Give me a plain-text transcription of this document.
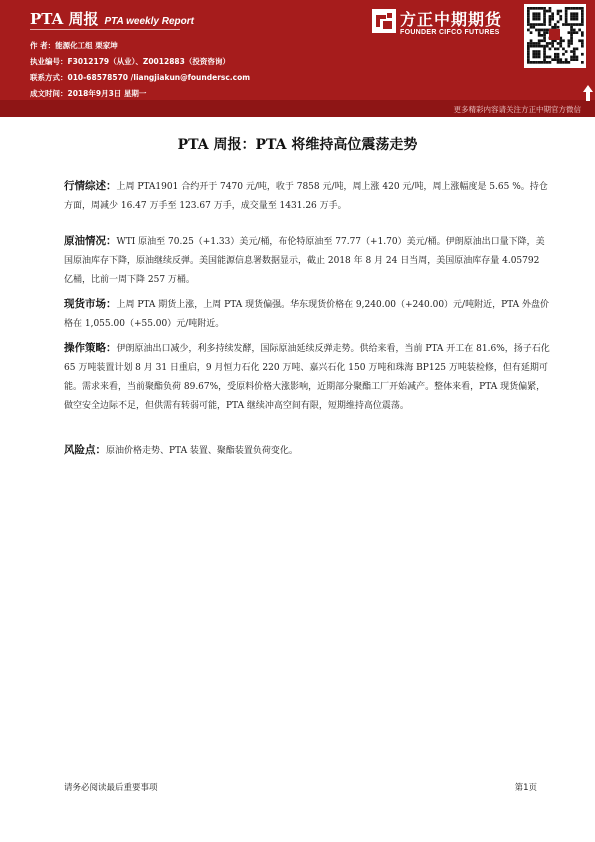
PTA 周报 PTA weekly Report
作 者：能源化工组 栗家坤
执业编号：F3012179（从业）、Z0012883（投资咨询）
联系方式：010-68578570 /liangjiakun@foundersc.com
成文时间：2018年9月3日 星期一
方正中期期货
FOUNDER CIFCO FUTURES
更多精彩内容请关注方正中期官方微信
PTA 周报：PTA 将维持高位震荡走势
行情综述：上周 PTA1901 合约开于 7470 元/吨，收于 7858 元/吨，周上涨 420 元/吨，周上涨幅度是 5.65 %。持仓方面，周减少 16.47 万手至 123.67 万手，成交量至 1431.26 万手。
原油情况：WTI 原油至 70.25（+1.33）美元/桶，布伦特原油至 77.77（+1.70）美元/桶。伊朗原油出口量下降，美国原油库存下降，原油继续反弹。美国能源信息署数据显示，截止 2018 年 8 月 24 日当周，美国原油库存量 4.05792 亿桶，比前一周下降 257 万桶。
现货市场：上周 PTA 期货上涨，上周 PTA 现货偏强。华东现货价格在 9,240.00（+240.00）元/吨附近，PTA 外盘价格在 1,055.00（+55.00）元/吨附近。
操作策略：伊朗原油出口减少，利多持续发酵，国际原油延续反弹走势。供给来看，当前 PTA 开工在 81.6%，扬子石化 65 万吨装置计划 8 月 31 日重启，9 月恒力石化 220 万吨、嘉兴石化 150 万吨和珠海 BP125 万吨装检修，但有延期可能。需求来看，当前聚酯负荷 89.67%，受原料价格大涨影响，近期部分聚酯工厂开始减产。整体来看，PTA 现货偏紧，做空安全边际不足，但供需有转弱可能，PTA 继续冲高空间有限，短期维持高位震荡。
风险点：原油价格走势、PTA 装置、聚酯装置负荷变化。
请务必阅读最后重要事项	第1页
